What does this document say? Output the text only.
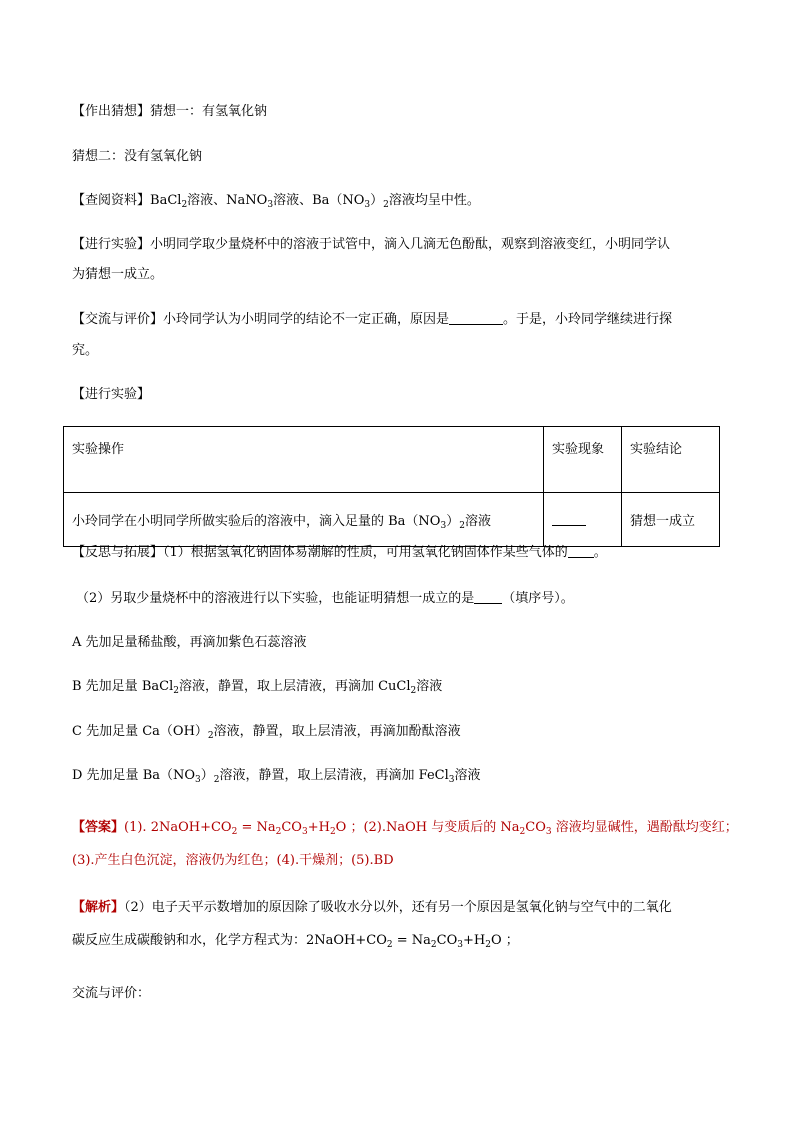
【作出猜想】猜想一：有氢氧化钠
猜想二：没有氢氧化钠
【查阅资料】BaCl$_2$溶液、NaNO$_3$溶液、$Ba(NO_3)_2$溶液均呈中性。
【进行实验】小明同学取少量烧杯中的溶液于试管中，滴入几滴无色酚酞，观察到溶液变红，小明同学认
为猜想一成立。
【交流与评价】小玲同学认为小明同学的结论不一定正确，原因是	。于是，小玲同学继续进行探
究。
【进行实验】
实验操作	实验现象	实验结论
小玲同学在小明同学所做实验后的溶液中，滴入足量的 $Ba(NO_3)_2$溶液		猜想一成立
【反思与拓展】（1）根据氢氧化钠固体易潮解的性质，可用氢氧化钠固体作某些气体的 。
（2）另取少量烧杯中的溶液进行以下实验，也能证明猜想一成立的是 （填序号）。
A 先加足量稀盐酸，再滴加紫色石蕊溶液
B 先加足量 BaCl$_2$溶液，静置，取上层清液，再滴加 CuCl$_2$溶液
C 先加足量 $Ca(OH)_2$溶液，静置，取上层清液，再滴加酚酞溶液
D 先加足量 $Ba(NO_3)_2$溶液，静置，取上层清液，再滴加 FeCl$_3$溶液
【答案】(1). $2NaOH+CO_2 = Na_2CO_3+H_2O$ ；(2).NaOH 与变质后的 $Na_2CO_3$ 溶液均显碱性，遇酚酞均变红；
(3).产生白色沉淀，溶液仍为红色；(4).干燥剂；(5).BD
【解析】（2）电子天平示数增加的原因除了吸收水分以外，还有另一个原因是氢氧化钠与空气中的二氧化
碳反应生成碳酸钠和水，化学方程式为：$2NaOH+CO_2 = Na_2CO_3+H_2O$ ；
交流与评价：
